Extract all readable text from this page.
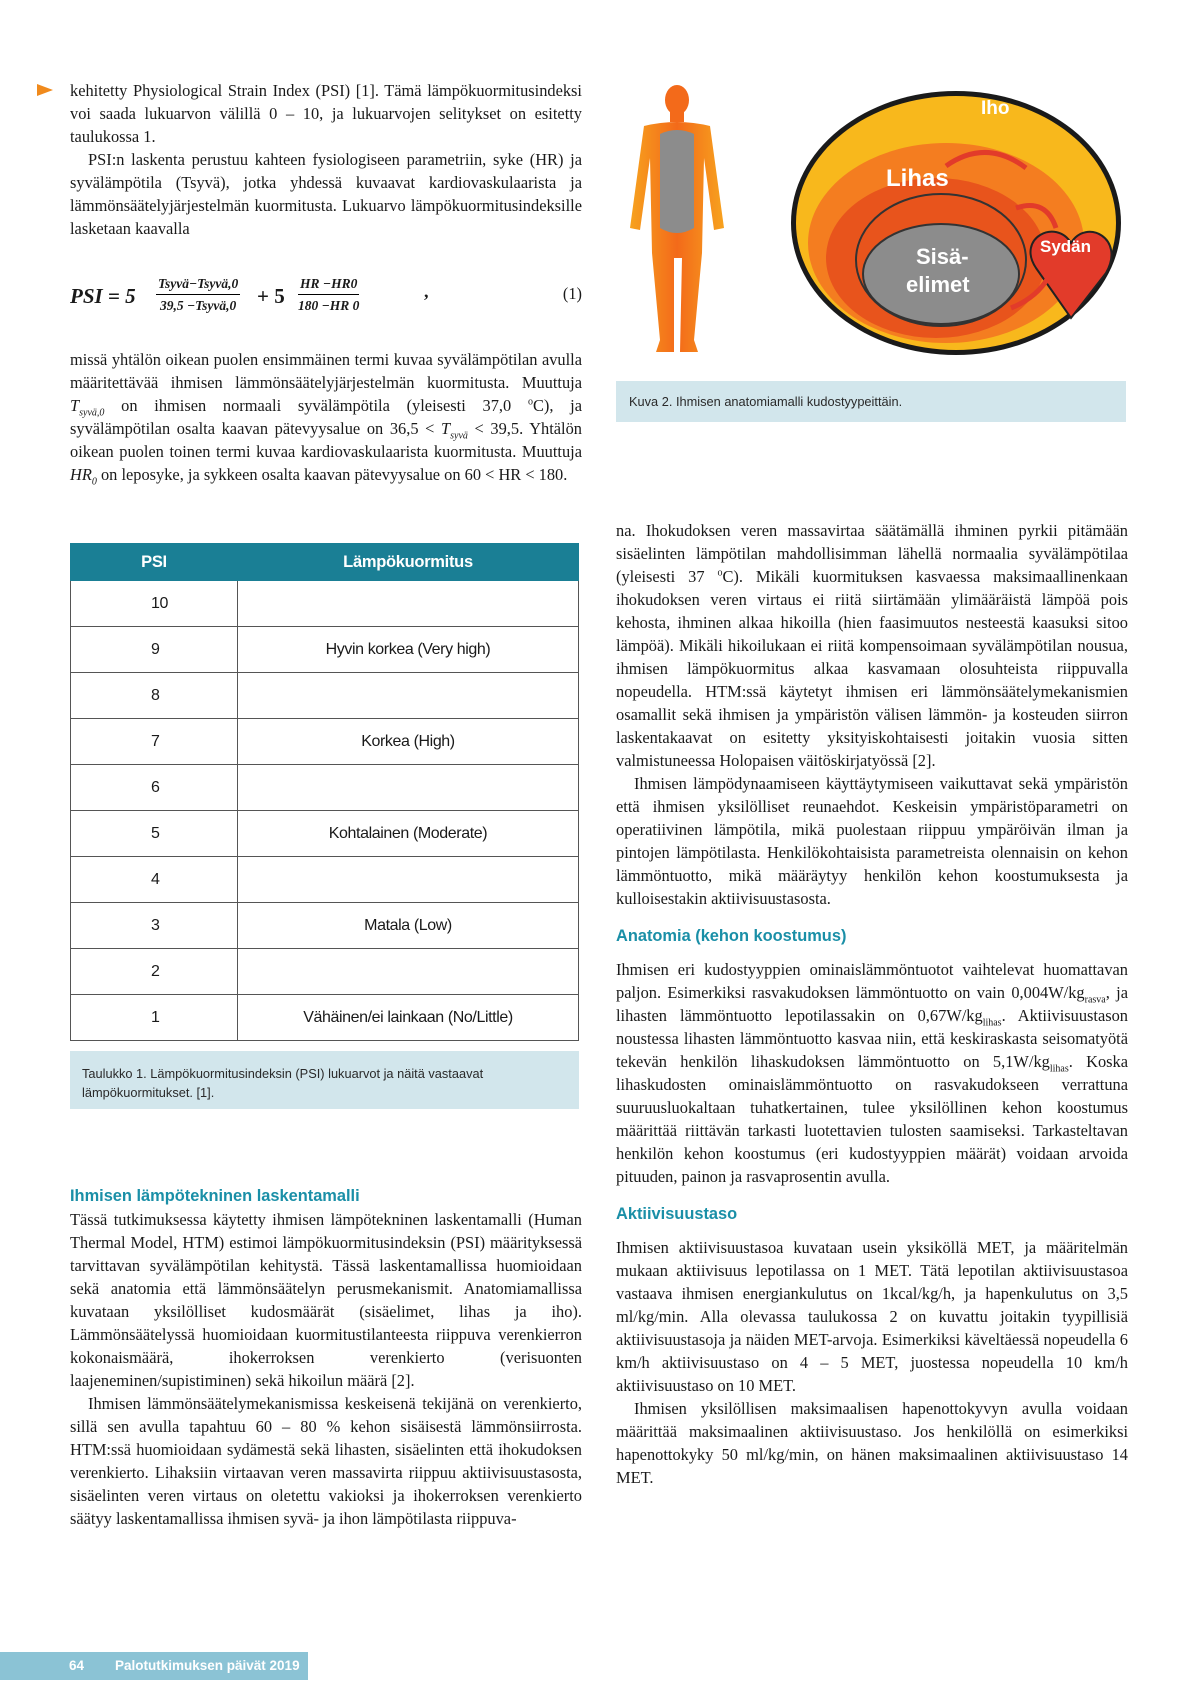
kehitetty Physiological Strain Index (PSI) [1]. Tämä lämpökuormitusindeksi voi saada lukuarvon välillä 0 – 10, ja lukuarvojen selitykset on esitetty taulukossa 1.

PSI:n laskenta perustuu kahteen fysiologiseen parametriin, syke (HR) ja syvälämpötila (Tsyvä), jotka yhdessä kuvaavat kardiovaskulaarista ja lämmönsäätelyjärjestelmän kuormitusta. Lukuarvo lämpökuormitusindeksille lasketaan kaavalla

PSI = 5
Tsyvä−Tsyvä,0
39,5 −Tsyvä,0 + $5 \frac{HR -HR0}{180 -HR 0}$	,	(1)

missä yhtälön oikean puolen ensimmäinen termi kuvaa syvälämpötilan avulla määritettävää ihmisen lämmönsäätelyjärjestelmän kuormitusta. Muuttuja $T_{syvä,0}$ on ihmisen normaali syvälämpötila (yleisesti 37,0 $^o$C), ja syvälämpötilan osalta kaavan pätevyysalue on $36,5 < T_{syvä} < 39,5$. Yhtälön oikean puolen toinen termi kuvaa kardiovaskulaarista kuormitusta. Muuttuja $HR_0$ on leposyke, ja sykkeen osalta kaavan pätevyysalue on 60 < HR < 180.

PSI	Lämpökuormitus
10	
9	Hyvin korkea (Very high)
8	
7	Korkea (High)
6	
5	Kohtalainen (Moderate)
4	
3	Matala (Low)
2	
1	Vähäinen/ei lainkaan (No/Little)
Taulukko 1. Lämpökuormitusindeksin (PSI) lukuarvot ja näitä vastaavat lämpökuormitukset. [1].
Ihmisen lämpötekninen laskentamalli

Tässä tutkimuksessa käytetty ihmisen lämpötekninen laskentamalli (Human Thermal Model, HTM) estimoi lämpökuormitusindeksin (PSI) määrityksessä tarvittavan syvälämpötilan kehitystä. Tässä laskentamallissa huomioidaan sekä anatomia että lämmönsäätelyn perusmekanismit. Anatomiamallissa kuvataan yksilölliset kudosmäärät (sisäelimet, lihas ja iho). Lämmönsäätelyssä huomioidaan kuormitustilanteesta riippuva verenkierron kokonaismäärä, ihokerroksen verenkierto (verisuonten laajeneminen/supistiminen) sekä hikoilun määrä [2].

Ihmisen lämmönsäätelymekanismissa keskeisenä tekijänä on verenkierto, sillä sen avulla tapahtuu 60 – 80 % kehon sisäisestä lämmönsiirrosta. HTM:ssä huomioidaan sydämestä sekä lihasten, sisäelinten että ihokudoksen verenkierto. Lihaksiin virtaavan veren massavirta riippuu aktiivisuustasosta, sisäelinten veren virtaus on oletettu vakioksi ja ihokerroksen verenkierto säätyy laskentamallissa ihmisen syvä- ja ihon lämpötilasta riippuva-

Iho
Lihas
Sisä-
elimet
Sydän
Kuva 2. Ihmisen anatomiamalli kudostyypeittäin.

na. Ihokudoksen veren massavirtaa säätämällä ihminen pyrkii pitämään sisäelinten lämpötilan mahdollisimman lähellä normaalia syvälämpötilaa (yleisesti 37 $^o$C). Mikäli kuormituksen kasvaessa maksimaallinenkaan ihokudoksen veren virtaus ei riitä siirtämään ylimääräistä lämpöä pois kehosta, ihminen alkaa hikoilla (hien faasimuutos nesteestä kaasuksi sitoo lämpöä). Mikäli hikoilukaan ei riitä kompensoimaan syvälämpötilan nousua, ihmisen lämpökuormitus alkaa kasvamaan olosuhteista riippuvalla nopeudella. HTM:ssä käytetyt ihmisen eri lämmönsäätelymekanismien osamallit sekä ihmisen ja ympäristön välisen lämmön- ja kosteuden siirron laskentakaavat on esitetty yksityiskohtaisesti joitakin vuosia sitten valmistuneessa Holopaisen väitöskirjatyössä [2].

Ihmisen lämpödynaamiseen käyttäytymiseen vaikuttavat sekä ympäristön että ihmisen yksilölliset reunaehdot. Keskeisin ympäristöparametri on operatiivinen lämpötila, mikä puolestaan riippuu ympäröivän ilman ja pintojen lämpötilasta. Henkilökohtaisista parametreista olennaisin on kehon lämmöntuotto, mikä määräytyy henkilön kehon koostumuksesta ja kulloisestakin aktiivisuustasosta.

Anatomia (kehon koostumus)

Ihmisen eri kudostyyppien ominaislämmöntuotot vaihtelevat huomattavan paljon. Esimerkiksi rasvakudoksen lämmöntuotto on vain $0,004W/kg_{rasva}$, ja lihasten lämmöntuotto lepotilassakin on $0,67W/kg_{lihas}$. Aktiivisuustason noustessa lihasten lämmöntuotto kasvaa niin, että keskiraskasta seisomatyötä tekevän henkilön lihaskudoksen lämmöntuotto on $5,1W/kg_{lihas}$. Koska lihaskudosten ominaislämmöntuotto on rasvakudokseen verrattuna suuruusluokaltaan tuhatkertainen, tulee yksilöllinen kehon koostumus määrittää riittävän tarkasti luotettavien tulosten saamiseksi. Tarkasteltavan henkilön kehon koostumus (eri kudostyyppien määrät) voidaan arvoida pituuden, painon ja rasvaprosentin avulla.

Aktiivisuustaso

Ihmisen aktiivisuustasoa kuvataan usein yksiköllä MET, ja määritelmän mukaan aktiivisuus lepotilassa on 1 MET. Tätä lepotilan aktiivisuustasoa vastaava ihmisen energiankulutus on 1kcal/kg/h, ja hapenkulutus on 3,5 ml/kg/min. Alla olevassa taulukossa 2 on kuvattu joitakin tyypillisiä aktiivisuustasoja ja näiden MET-arvoja. Esimerkiksi käveltäessä nopeudella 6 km/h aktiivisuustaso on 4 – 5 MET, juostessa nopeudella 10 km/h aktiivisuustaso on 10 MET.

Ihmisen yksilöllisen maksimaalisen hapenottokyvyn avulla voidaan määrittää maksimaalinen aktiivisuustaso. Jos henkilöllä on esimerkiksi hapenottokyky 50 ml/kg/min, on hänen maksimaalinen aktiivisuustaso 14 MET.

64 Palotutkimuksen päivät 2019
